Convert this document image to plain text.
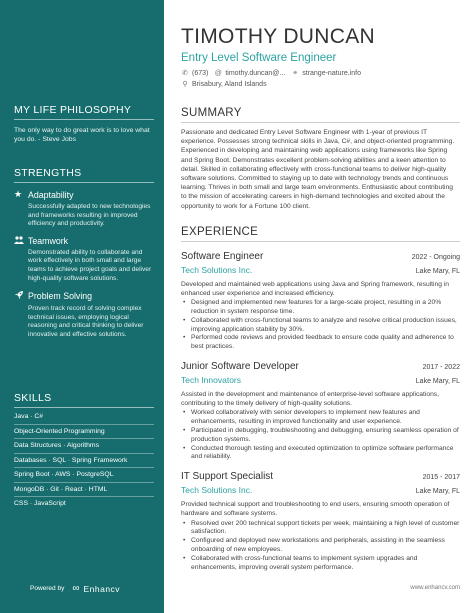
MY LIFE PHILOSOPHY
The only way to do great work is to love what you do. - Steve Jobs
STRENGTHS
★ Adaptability
Successfully adapted to new technologies and frameworks resulting in improved efficiency and productivity.
Teamwork
Demonstrated ability to collaborate and work effectively in both small and large teams to achieve project goals and deliver high-quality software solutions.
Problem Solving
Proven track record of solving complex technical issues, employing logical reasoning and critical thinking to deliver innovative and effective solutions.
SKILLS
Java · C#
Object-Oriented Programming
Data Structures · Algorithms
Databases · SQL · Spring Framework
Spring Boot · AWS · PostgreSQL
MongoDB · Git · React · HTML
CSS · JavaScript
Powered by ∞ Enhancv
TIMOTHY DUNCAN
Entry Level Software Engineer
✆ (673) @ timothy.duncan@... ⚭ strange-nature.info
⚲ Brisabury, Aland Islands
SUMMARY
Passionate and dedicated Entry Level Software Engineer with 1-year of previous IT experience. Possesses strong technical skills in Java, C#, and object-oriented programming. Experienced in developing and maintaining web applications using frameworks like Spring and Spring Boot. Demonstrates excellent problem-solving abilities and a keen attention to detail. Skilled in collaborating effectively with cross-functional teams to deliver high-quality software solutions. Committed to staying up to date with technology trends and continuous learning. Thrives in both small and large team environments. Enthusiastic about contributing to the mission of accelerating careers in high-demand technologies and excited about the opportunity to work for a Fortune 100 client.
EXPERIENCE
Software Engineer	2022 - Ongoing
Tech Solutions Inc.	Lake Mary, FL
Developed and maintained web applications using Java and Spring framework, resulting in enhanced user experience and increased efficiency.
• Designed and implemented new features for a large-scale project, resulting in a 20% reduction in system response time.
• Collaborated with cross-functional teams to analyze and resolve critical production issues, improving application stability by 30%.
• Performed code reviews and provided feedback to ensure code quality and adherence to best practices.
Junior Software Developer	2017 - 2022
Tech Innovators	Lake Mary, FL
Assisted in the development and maintenance of enterprise-level software applications, contributing to the timely delivery of high-quality solutions.
• Worked collaboratively with senior developers to implement new features and enhancements, resulting in improved functionality and user experience.
• Participated in debugging, troubleshooting and debugging, ensuring seamless operation of production systems.
• Conducted thorough testing and executed optimization to optimize software performance and reliability.
IT Support Specialist	2015 - 2017
Tech Solutions Inc.	Lake Mary, FL
Provided technical support and troubleshooting to end users, ensuring smooth operation of hardware and software systems.
• Resolved over 200 technical support tickets per week, maintaining a high level of customer satisfaction.
• Configured and deployed new workstations and peripherals, assisting in the seamless onboarding of new employees.
• Collaborated with cross-functional teams to implement system upgrades and enhancements, improving overall system performance.
www.enhancv.com
